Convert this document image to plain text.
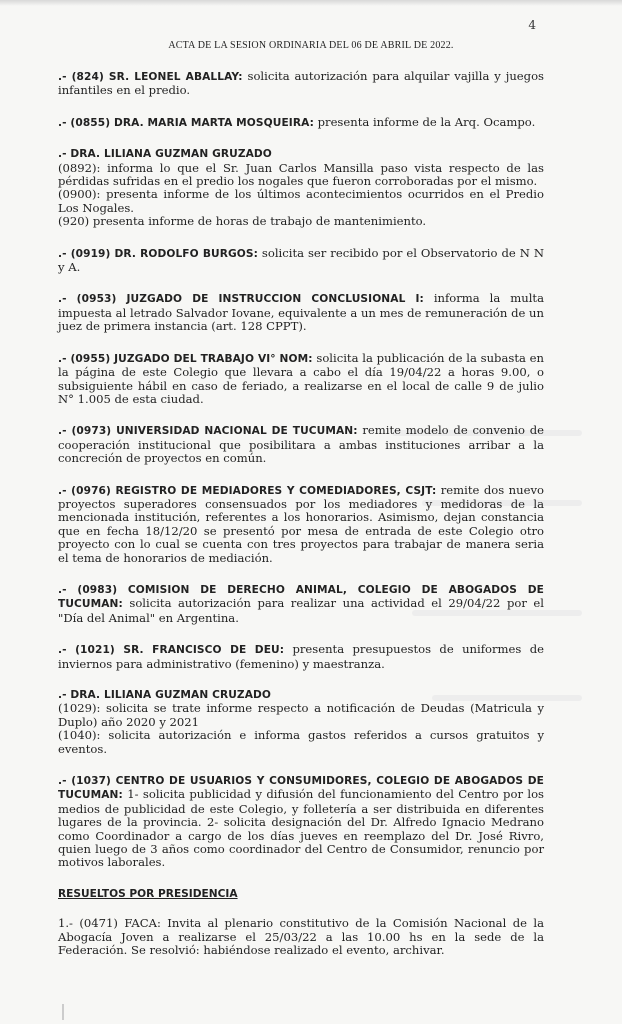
4
ACTA DE LA SESION ORDINARIA DEL 06 DE ABRIL DE 2022.

.- (824) SR. LEONEL ABALLAY: solicita autorización para alquilar vajilla y juegos infantiles en el predio.

.- (0855) DRA. MARIA MARTA MOSQUEIRA: presenta informe de la Arq. Ocampo.

.- DRA. LILIANA GUZMAN GRUZADO

(0892): informa lo que el Sr. Juan Carlos Mansilla paso vista respecto de las pérdidas sufridas en el predio los nogales que fueron corroboradas por el mismo.

(0900): presenta informe de los últimos acontecimientos ocurridos en el Predio Los Nogales.

(920) presenta informe de horas de trabajo de mantenimiento.

.- (0919) DR. RODOLFO BURGOS: solicita ser recibido por el Observatorio de N N y A.

.- (0953) JUZGADO DE INSTRUCCION CONCLUSIONAL I: informa la multa impuesta al letrado Salvador Iovane, equivalente a un mes de remuneración de un juez de primera instancia (art. 128 CPPT).

.- (0955) JUZGADO DEL TRABAJO VI° NOM: solicita la publicación de la subasta en la página de este Colegio que llevara a cabo el día 19/04/22 a horas 9.00, o subsiguiente hábil en caso de feriado, a realizarse en el local de calle 9 de julio N° 1.005 de esta ciudad.

.- (0973) UNIVERSIDAD NACIONAL DE TUCUMAN: remite modelo de convenio de cooperación institucional que posibilitara a ambas instituciones arribar a la concreción de proyectos en común.

.- (0976) REGISTRO DE MEDIADORES Y COMEDIADORES, CSJT: remite dos nuevo proyectos superadores consensuados por los mediadores y medidoras de la mencionada institución, referentes a los honorarios. Asimismo, dejan constancia que en fecha 18/12/20 se presentó por mesa de entrada de este Colegio otro proyecto con lo cual se cuenta con tres proyectos para trabajar de manera seria el tema de honorarios de mediación.

.- (0983) COMISION DE DERECHO ANIMAL, COLEGIO DE ABOGADOS DE TUCUMAN: solicita autorización para realizar una actividad el 29/04/22 por el "Día del Animal" en Argentina.

.- (1021) SR. FRANCISCO DE DEU: presenta presupuestos de uniformes de inviernos para administrativo (femenino) y maestranza.

.- DRA. LILIANA GUZMAN CRUZADO

(1029): solicita se trate informe respecto a notificación de Deudas (Matricula y Duplo) año 2020 y 2021

(1040): solicita autorización e informa gastos referidos a cursos gratuitos y eventos.

.- (1037) CENTRO DE USUARIOS Y CONSUMIDORES, COLEGIO DE ABOGADOS DE TUCUMAN: 1- solicita publicidad y difusión del funcionamiento del Centro por los medios de publicidad de este Colegio, y folletería a ser distribuida en diferentes lugares de la provincia. 2- solicita designación del Dr. Alfredo Ignacio Medrano como Coordinador a cargo de los días jueves en reemplazo del Dr. José Rivro, quien luego de 3 años como coordinador del Centro de Consumidor, renuncio por motivos laborales.

RESUELTOS POR PRESIDENCIA

1.- (0471) FACA: Invita al plenario constitutivo de la Comisión Nacional de la Abogacía Joven a realizarse el 25/03/22 a las 10.00 hs en la sede de la Federación. Se resolvió: habiéndose realizado el evento, archivar.
